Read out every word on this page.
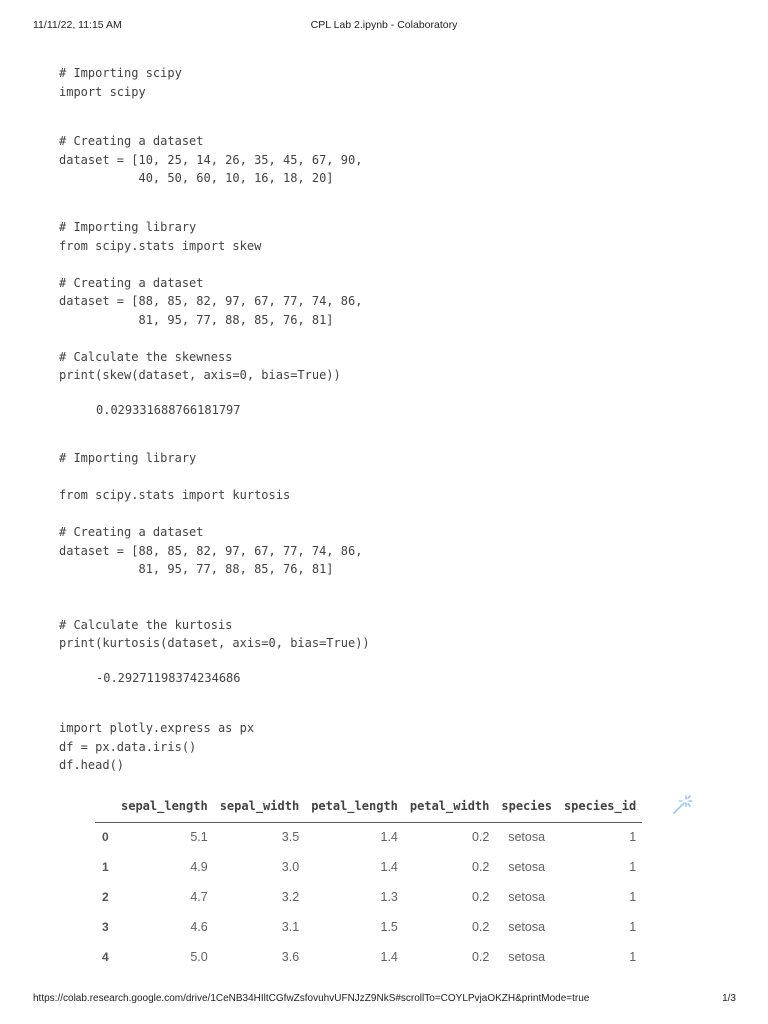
11/11/22, 11:15 AM	CPL Lab 2.ipynb - Colaboratory
# Importing scipy
import scipy
# Creating a dataset
dataset = [10, 25, 14, 26, 35, 45, 67, 90,
40, 50, 60, 10, 16, 18, 20]
# Importing library
from scipy.stats import skew

# Creating a dataset
dataset = [88, 85, 82, 97, 67, 77, 74, 86,
81, 95, 77, 88, 85, 76, 81]

# Calculate the skewness
print(skew(dataset, axis=0, bias=True))
0.029331688766181797
# Importing library

from scipy.stats import kurtosis

# Creating a dataset
dataset = [88, 85, 82, 97, 67, 77, 74, 86,
81, 95, 77, 88, 85, 76, 81]

# Calculate the kurtosis
print(kurtosis(dataset, axis=0, bias=True))
-0.29271198374234686
import plotly.express as px
df = px.data.iris()
df.head()
	sepal_length	sepal_width	petal_length	petal_width	species	species_id
0	5.1	3.5	1.4	0.2	setosa	1
1	4.9	3.0	1.4	0.2	setosa	1
2	4.7	3.2	1.3	0.2	setosa	1
3	4.6	3.1	1.5	0.2	setosa	1
4	5.0	3.6	1.4	0.2	setosa	1
https://colab.research.google.com/drive/1CeNB34HIltCGfwZsfovuhvUFNJzZ9NkS#scrollTo=COYLPvjaOKZH&printMode=true	1/3
